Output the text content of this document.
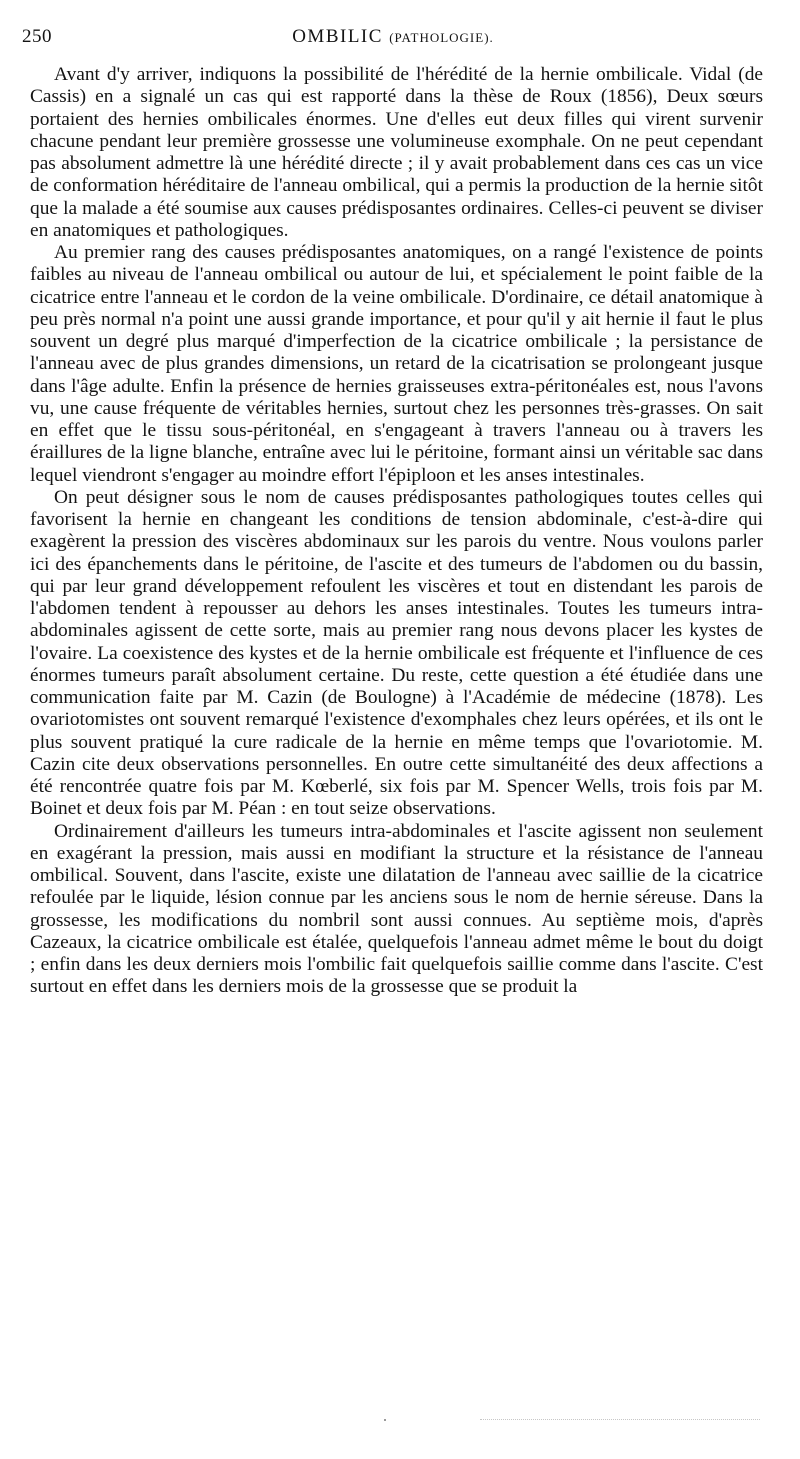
250	OMBILIC (PATHOLOGIE).

Avant d'y arriver, indiquons la possibilité de l'hérédité de la hernie ombilicale. Vidal (de Cassis) en a signalé un cas qui est rapporté dans la thèse de Roux (1856), Deux sœurs portaient des hernies ombilicales énormes. Une d'elles eut deux filles qui virent survenir chacune pendant leur première grossesse une volumineuse exomphale. On ne peut cependant pas absolument admettre là une hérédité directe ; il y avait probablement dans ces cas un vice de conformation héréditaire de l'anneau ombilical, qui a permis la production de la hernie sitôt que la malade a été soumise aux causes prédisposantes ordinaires. Celles-ci peuvent se diviser en anatomiques et pathologiques.

Au premier rang des causes prédisposantes anatomiques, on a rangé l'existence de points faibles au niveau de l'anneau ombilical ou autour de lui, et spécialement le point faible de la cicatrice entre l'anneau et le cordon de la veine ombilicale. D'ordinaire, ce détail anatomique à peu près normal n'a point une aussi grande importance, et pour qu'il y ait hernie il faut le plus souvent un degré plus marqué d'imperfection de la cicatrice ombilicale ; la persistance de l'anneau avec de plus grandes dimensions, un retard de la cicatrisation se prolongeant jusque dans l'âge adulte. Enfin la présence de hernies graisseuses extra-péritonéales est, nous l'avons vu, une cause fréquente de véritables hernies, surtout chez les personnes très-grasses. On sait en effet que le tissu sous-péritonéal, en s'engageant à travers l'anneau ou à travers les éraillures de la ligne blanche, entraîne avec lui le péritoine, formant ainsi un véritable sac dans lequel viendront s'engager au moindre effort l'épiploon et les anses intestinales.

On peut désigner sous le nom de causes prédisposantes pathologiques toutes celles qui favorisent la hernie en changeant les conditions de tension abdominale, c'est-à-dire qui exagèrent la pression des viscères abdominaux sur les parois du ventre. Nous voulons parler ici des épanchements dans le péritoine, de l'ascite et des tumeurs de l'abdomen ou du bassin, qui par leur grand développement refoulent les viscères et tout en distendant les parois de l'abdomen tendent à repousser au dehors les anses intestinales. Toutes les tumeurs intra-abdominales agissent de cette sorte, mais au premier rang nous devons placer les kystes de l'ovaire. La coexistence des kystes et de la hernie ombilicale est fréquente et l'influence de ces énormes tumeurs paraît absolument certaine. Du reste, cette question a été étudiée dans une communication faite par M. Cazin (de Boulogne) à l'Académie de médecine (1878). Les ovariotomistes ont souvent remarqué l'existence d'exomphales chez leurs opérées, et ils ont le plus souvent pratiqué la cure radicale de la hernie en même temps que l'ovariotomie. M. Cazin cite deux observations personnelles. En outre cette simultanéité des deux affections a été rencontrée quatre fois par M. Kœberlé, six fois par M. Spencer Wells, trois fois par M. Boinet et deux fois par M. Péan : en tout seize observations.

Ordinairement d'ailleurs les tumeurs intra-abdominales et l'ascite agissent non seulement en exagérant la pression, mais aussi en modifiant la structure et la résistance de l'anneau ombilical. Souvent, dans l'ascite, existe une dilatation de l'anneau avec saillie de la cicatrice refoulée par le liquide, lésion connue par les anciens sous le nom de hernie séreuse. Dans la grossesse, les modifications du nombril sont aussi connues. Au septième mois, d'après Cazeaux, la cicatrice ombilicale est étalée, quelquefois l'anneau admet même le bout du doigt ; enfin dans les deux derniers mois l'ombilic fait quelquefois saillie comme dans l'ascite. C'est surtout en effet dans les derniers mois de la grossesse que se produit la
